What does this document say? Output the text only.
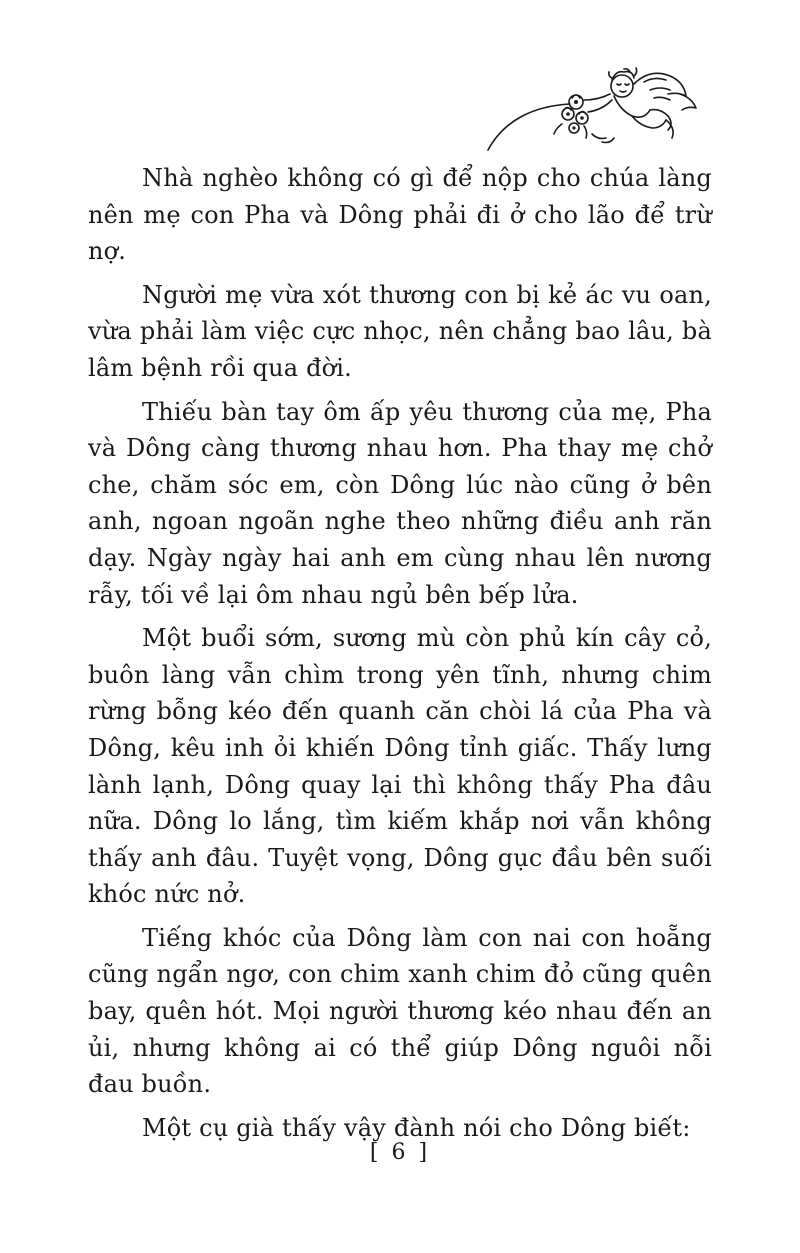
Nhà nghèo không có gì để nộp cho chúa làng nên mẹ con Pha và Dông phải đi ở cho lão để trừ nợ.

Người mẹ vừa xót thương con bị kẻ ác vu oan, vừa phải làm việc cực nhọc, nên chẳng bao lâu, bà lâm bệnh rồi qua đời.

Thiếu bàn tay ôm ấp yêu thương của mẹ, Pha và Dông càng thương nhau hơn. Pha thay mẹ chở che, chăm sóc em, còn Dông lúc nào cũng ở bên anh, ngoan ngoãn nghe theo những điều anh răn dạy. Ngày ngày hai anh em cùng nhau lên nương rẫy, tối về lại ôm nhau ngủ bên bếp lửa.

Một buổi sớm, sương mù còn phủ kín cây cỏ, buôn làng vẫn chìm trong yên tĩnh, nhưng chim rừng bỗng kéo đến quanh căn chòi lá của Pha và Dông, kêu inh ỏi khiến Dông tỉnh giấc. Thấy lưng lành lạnh, Dông quay lại thì không thấy Pha đâu nữa. Dông lo lắng, tìm kiếm khắp nơi vẫn không thấy anh đâu. Tuyệt vọng, Dông gục đầu bên suối khóc nức nở.

Tiếng khóc của Dông làm con nai con hoẵng cũng ngẩn ngơ, con chim xanh chim đỏ cũng quên bay, quên hót. Mọi người thương kéo nhau đến an ủi, nhưng không ai có thể giúp Dông nguôi nỗi đau buồn.

Một cụ già thấy vậy đành nói cho Dông biết:

[ 6 ]
